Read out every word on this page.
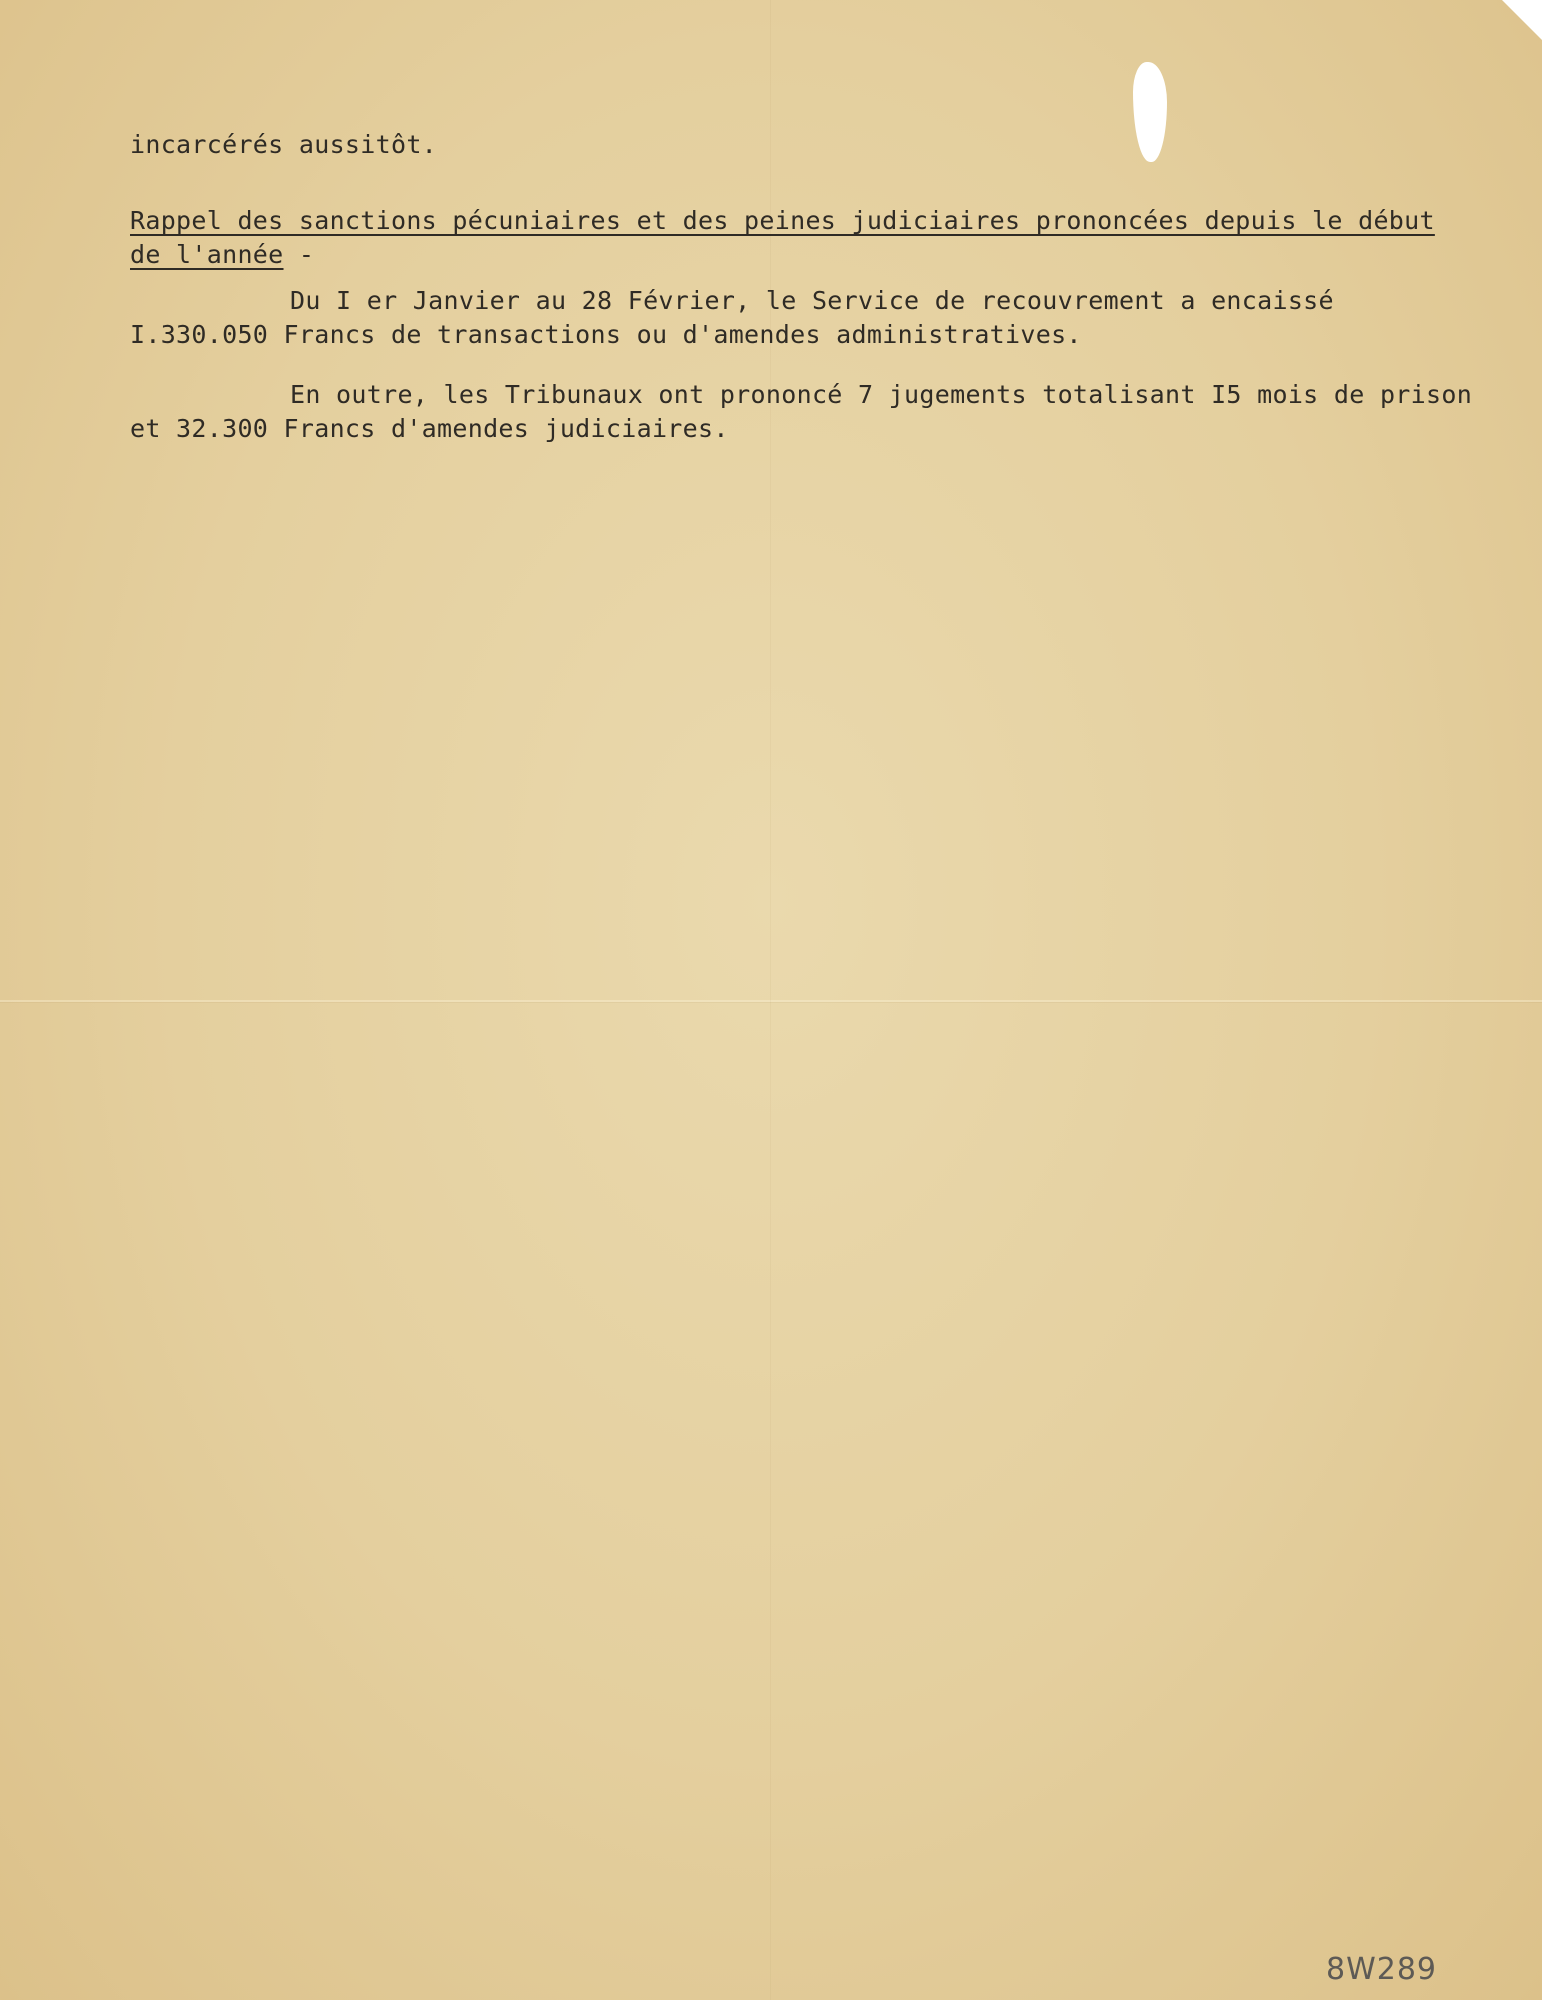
incarcérés aussitôt.
Rappel des sanctions pécuniaires et des peines judiciaires prononcées depuis le début
de l'année -
Du I er Janvier au 28 Février, le Service de recouvrement a encaissé
I.330.050 Francs de transactions ou d'amendes administratives.
En outre, les Tribunaux ont prononcé 7 jugements totalisant I5 mois de prison
et 32.300 Francs d'amendes judiciaires.
8W289
